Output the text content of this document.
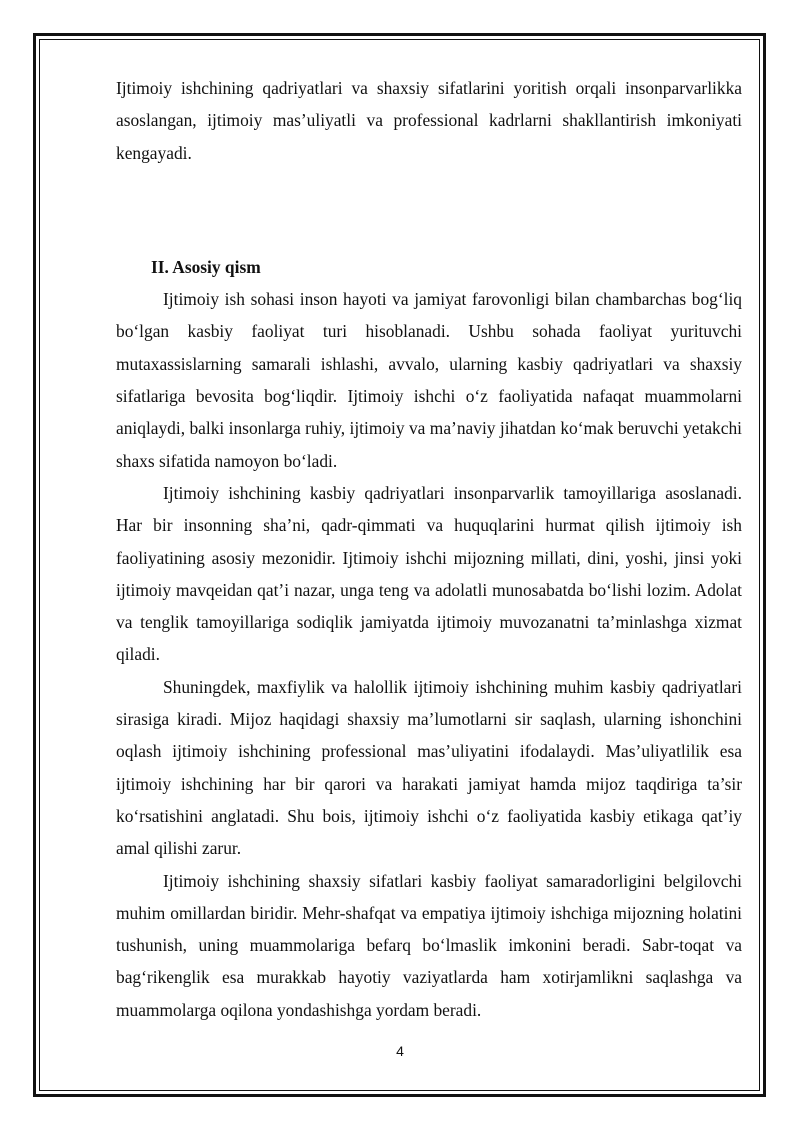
Ijtimoiy ishchining qadriyatlari va shaxsiy sifatlarini yoritish orqali insonparvarlikka asoslangan, ijtimoiy mas’uliyatli va professional kadrlarni shakllantirish imkoniyati kengayadi.

II. Asosiy qism

Ijtimoiy ish sohasi inson hayoti va jamiyat farovonligi bilan chambarchas bog‘liq bo‘lgan kasbiy faoliyat turi hisoblanadi. Ushbu sohada faoliyat yurituvchi mutaxassislarning samarali ishlashi, avvalo, ularning kasbiy qadriyatlari va shaxsiy sifatlariga bevosita bog‘liqdir. Ijtimoiy ishchi o‘z faoliyatida nafaqat muammolarni aniqlaydi, balki insonlarga ruhiy, ijtimoiy va ma’naviy jihatdan ko‘mak beruvchi yetakchi shaxs sifatida namoyon bo‘ladi.

Ijtimoiy ishchining kasbiy qadriyatlari insonparvarlik tamoyillariga asoslanadi. Har bir insonning sha’ni, qadr-qimmati va huquqlarini hurmat qilish ijtimoiy ish faoliyatining asosiy mezonidir. Ijtimoiy ishchi mijozning millati, dini, yoshi, jinsi yoki ijtimoiy mavqeidan qat’i nazar, unga teng va adolatli munosabatda bo‘lishi lozim. Adolat va tenglik tamoyillariga sodiqlik jamiyatda ijtimoiy muvozanatni ta’minlashga xizmat qiladi.

Shuningdek, maxfiylik va halollik ijtimoiy ishchining muhim kasbiy qadriyatlari sirasiga kiradi. Mijoz haqidagi shaxsiy ma’lumotlarni sir saqlash, ularning ishonchini oqlash ijtimoiy ishchining professional mas’uliyatini ifodalaydi. Mas’uliyatlilik esa ijtimoiy ishchining har bir qarori va harakati jamiyat hamda mijoz taqdiriga ta’sir ko‘rsatishini anglatadi. Shu bois, ijtimoiy ishchi o‘z faoliyatida kasbiy etikaga qat’iy amal qilishi zarur.

Ijtimoiy ishchining shaxsiy sifatlari kasbiy faoliyat samaradorligini belgilovchi muhim omillardan biridir. Mehr-shafqat va empatiya ijtimoiy ishchiga mijozning holatini tushunish, uning muammolariga befarq bo‘lmaslik imkonini beradi. Sabr-toqat va bag‘rikenglik esa murakkab hayotiy vaziyatlarda ham xotirjamlikni saqlashga va muammolarga oqilona yondashishga yordam beradi.

4
